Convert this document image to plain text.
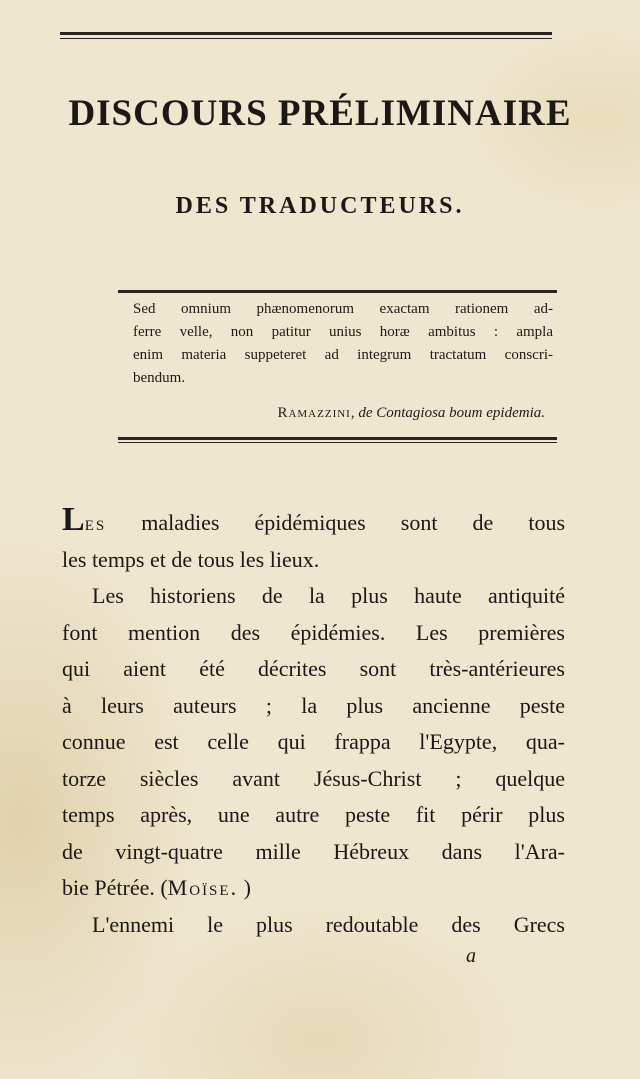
DISCOURS PRÉLIMINAIRE
DES TRADUCTEURS.
Sed omnium phænomenorum exactam rationem ad-
ferre velle, non patitur unius horæ ambitus : ampla
enim materia suppeteret ad integrum tractatum conscri-
bendum.
Ramazzini, de Contagiosa boum epidemia.
Les maladies épidémiques sont de tous
les temps et de tous les lieux.
Les historiens de la plus haute antiquité
font mention des épidémies. Les premières
qui aient été décrites sont très-antérieures
à leurs auteurs ; la plus ancienne peste
connue est celle qui frappa l'Egypte, qua-
torze siècles avant Jésus-Christ ; quelque
temps après, une autre peste fit périr plus
de vingt-quatre mille Hébreux dans l'Ara-
bie Pétrée. (Moïse. )
L'ennemi le plus redoutable des Grecs
a
